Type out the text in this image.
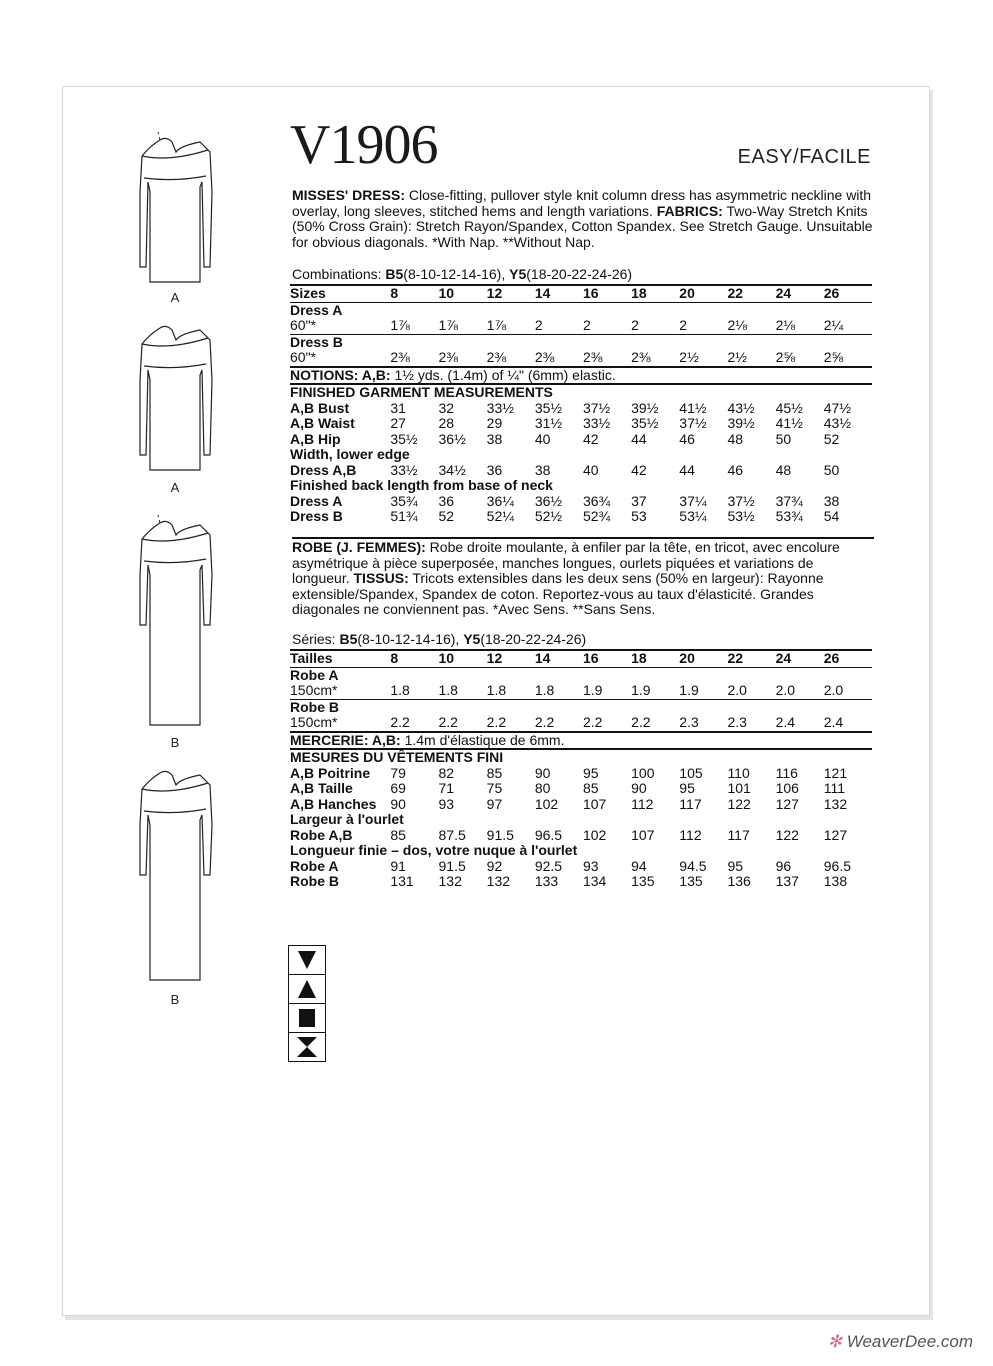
A
A
B
B
V1906	EASY/FACILE
MISSES' DRESS: Close-fitting, pullover style knit column dress has asymmetric neckline with overlay, long sleeves, stitched hems and length variations. FABRICS: Two-Way Stretch Knits (50% Cross Grain): Stretch Rayon/Spandex, Cotton Spandex. See Stretch Gauge. Unsuitable for obvious diagonals. *With Nap. **Without Nap.
Combinations: B5(8-10-12-14-16), Y5(18-20-22-24-26)
Sizes	8	10	12	14	16	18	20	22	24	26
Dress A										
60"*	1⅞	1⅞	1⅞	2	2	2	2	2⅛	2⅛	2¼
Dress B										
60"*	2⅜	2⅜	2⅜	2⅜	2⅜	2⅜	2½	2½	2⅝	2⅝
NOTIONS: A,B: 1½ yds. (1.4m) of ¼" (6mm) elastic.										
FINISHED GARMENT MEASUREMENTS										
A,B Bust	31	32	33½	35½	37½	39½	41½	43½	45½	47½
A,B Waist	27	28	29	31½	33½	35½	37½	39½	41½	43½
A,B Hip	35½	36½	38	40	42	44	46	48	50	52
Width, lower edge										
Dress A,B	33½	34½	36	38	40	42	44	46	48	50
Finished back length from base of neck										
Dress A	35¾	36	36¼	36½	36¾	37	37¼	37½	37¾	38
Dress B	51¾	52	52¼	52½	52¾	53	53¼	53½	53¾	54
ROBE (J. FEMMES): Robe droite moulante, à enfiler par la tête, en tricot, avec encolure asymétrique à pièce superposée, manches longues, ourlets piquées et variations de longueur. TISSUS: Tricots extensibles dans les deux sens (50% en largeur): Rayonne extensible/Spandex, Spandex de coton. Reportez-vous au taux d'élasticité. Grandes diagonales ne conviennent pas. *Avec Sens. **Sans Sens.
Séries: B5(8-10-12-14-16), Y5(18-20-22-24-26)
Tailles	8	10	12	14	16	18	20	22	24	26
Robe A										
150cm*	1.8	1.8	1.8	1.8	1.9	1.9	1.9	2.0	2.0	2.0
Robe B										
150cm*	2.2	2.2	2.2	2.2	2.2	2.2	2.3	2.3	2.4	2.4
MERCERIE: A,B: 1.4m d'élastique de 6mm.										
MESURES DU VÊTEMENTS FINI										
A,B Poitrine	79	82	85	90	95	100	105	110	116	121
A,B Taille	69	71	75	80	85	90	95	101	106	111
A,B Hanches	90	93	97	102	107	112	117	122	127	132
Largeur à l'ourlet										
Robe A,B	85	87.5	91.5	96.5	102	107	112	117	122	127
Longueur finie – dos, votre nuque à l'ourlet										
Robe A	91	91.5	92	92.5	93	94	94.5	95	96	96.5
Robe B	131	132	132	133	134	135	135	136	137	138
✻ WeaverDee.com
